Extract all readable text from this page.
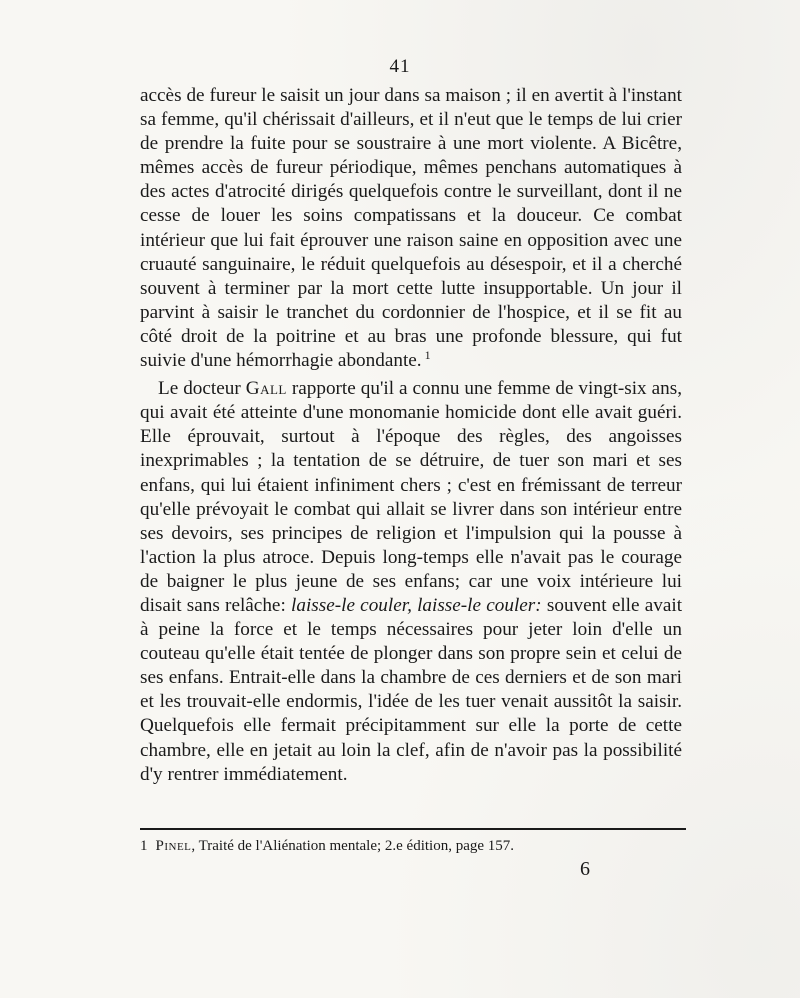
41

accès de fureur le saisit un jour dans sa maison ; il en avertit à l'instant sa femme, qu'il chérissait d'ailleurs, et il n'eut que le temps de lui crier de prendre la fuite pour se soustraire à une mort violente. A Bicêtre, mêmes accès de fureur périodique, mêmes penchans automatiques à des actes d'atrocité dirigés quelquefois contre le surveillant, dont il ne cesse de louer les soins compatissans et la douceur. Ce combat intérieur que lui fait éprouver une raison saine en opposition avec une cruauté sanguinaire, le réduit quelquefois au désespoir, et il a cherché souvent à terminer par la mort cette lutte insupportable. Un jour il parvint à saisir le tranchet du cordonnier de l'hospice, et il se fit au côté droit de la poitrine et au bras une profonde blessure, qui fut suivie d'une hémorrhagie abondante. $^1$

Le docteur Gall rapporte qu'il a connu une femme de vingt-six ans, qui avait été atteinte d'une monomanie homicide dont elle avait guéri. Elle éprouvait, surtout à l'époque des règles, des angoisses inexprimables ; la tentation de se détruire, de tuer son mari et ses enfans, qui lui étaient infiniment chers ; c'est en frémissant de terreur qu'elle prévoyait le combat qui allait se livrer dans son intérieur entre ses devoirs, ses principes de religion et l'impulsion qui la pousse à l'action la plus atroce. Depuis long-temps elle n'avait pas le courage de baigner le plus jeune de ses enfans; car une voix intérieure lui disait sans relâche: laisse-le couler, laisse-le couler: souvent elle avait à peine la force et le temps nécessaires pour jeter loin d'elle un couteau qu'elle était tentée de plonger dans son propre sein et celui de ses enfans. Entrait-elle dans la chambre de ces derniers et de son mari et les trouvait-elle endormis, l'idée de les tuer venait aussitôt la saisir. Quelquefois elle fermait précipitamment sur elle la porte de cette chambre, elle en jetait au loin la clef, afin de n'avoir pas la possibilité d'y rentrer immédiatement.

1 Pinel, Traité de l'Aliénation mentale; 2.e édition, page 157.
6
